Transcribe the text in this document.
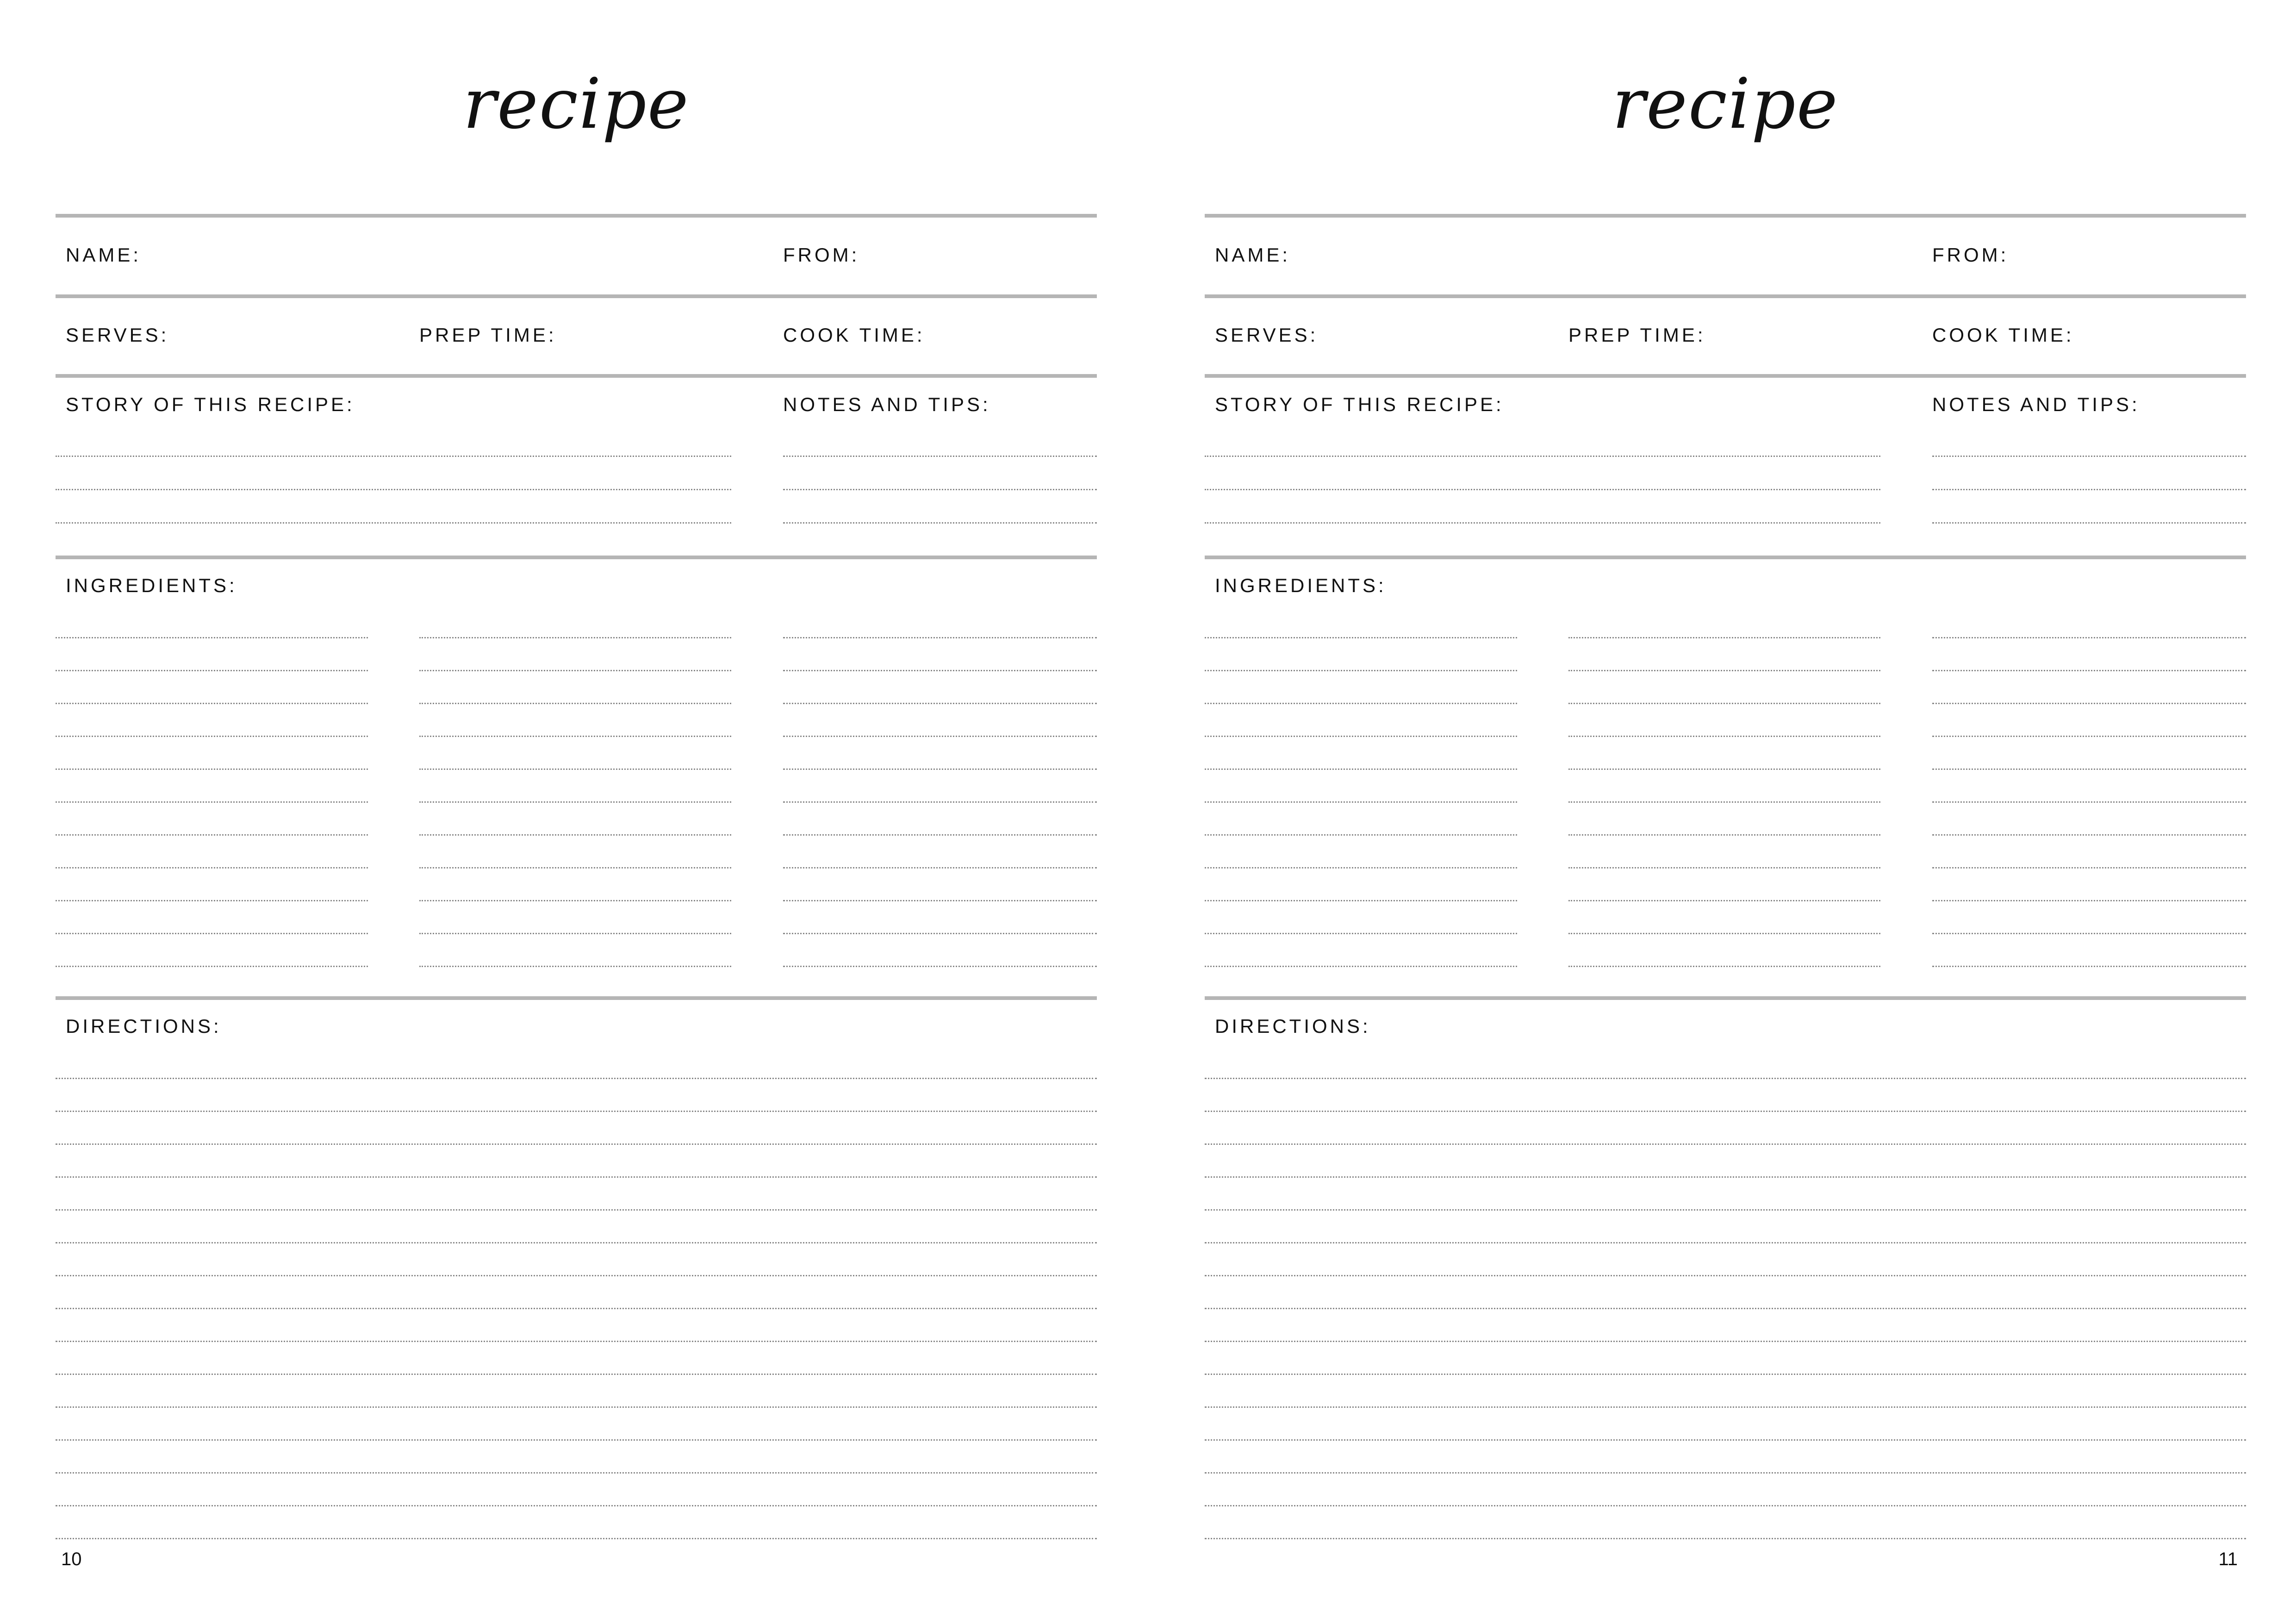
recipe
NAME:	FROM:
SERVES:	PREP TIME:	COOK TIME:
STORY OF THIS RECIPE:	NOTES AND TIPS:
INGREDIENTS:
DIRECTIONS:
10
recipe
NAME:	FROM:
SERVES:	PREP TIME:	COOK TIME:
STORY OF THIS RECIPE:	NOTES AND TIPS:
INGREDIENTS:
DIRECTIONS:
11
